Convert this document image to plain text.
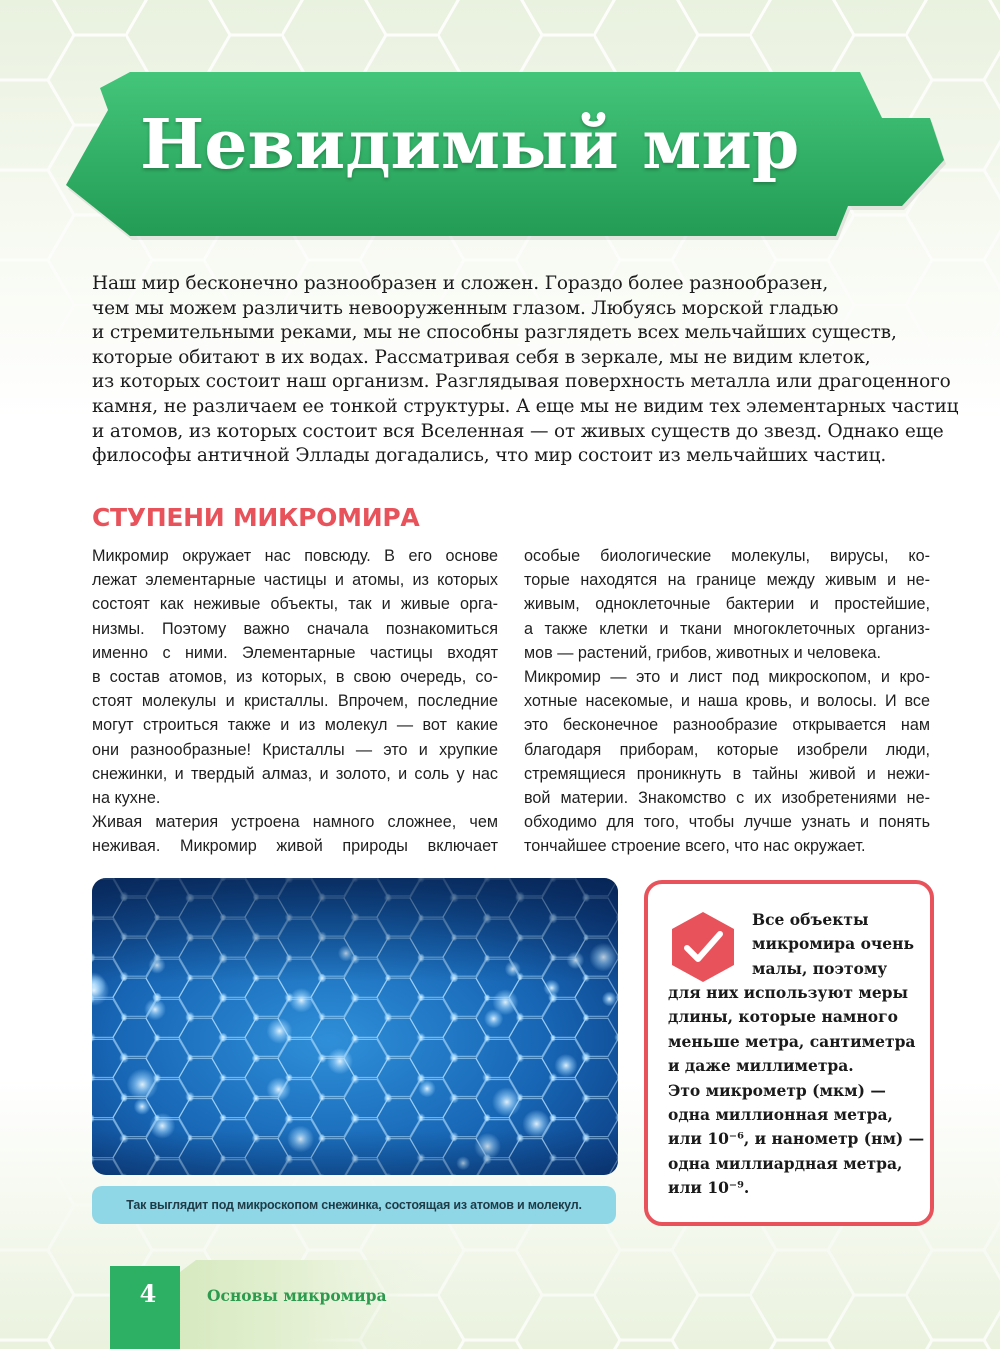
Невидимый мир
Наш мир бесконечно разнообразен и сложен. Гораздо более разнообразен,
чем мы можем различить невооруженным глазом. Любуясь морской гладью
и стремительными реками, мы не способны разглядеть всех мельчайших существ,
которые обитают в их водах. Рассматривая себя в зеркале, мы не видим клеток,
из которых состоит наш организм. Разглядывая поверхность металла или драгоценного
камня, не различаем ее тонкой структуры. А еще мы не видим тех элементарных частиц
и атомов, из которых состоит вся Вселенная — от живых существ до звезд. Однако еще
философы античной Эллады догадались, что мир состоит из мельчайших частиц.
СТУПЕНИ МИКРОМИРА
Микромир окружает нас повсюду. В его основе
лежат элементарные частицы и атомы, из которых
состоят как неживые объекты, так и живые орга-
низмы. Поэтому важно сначала познакомиться
именно с ними. Элементарные частицы входят
в состав атомов, из которых, в свою очередь, со-
стоят молекулы и кристаллы. Впрочем, последние
могут строиться также и из молекул — вот какие
они разнообразные! Кристаллы — это и хрупкие
снежинки, и твердый алмаз, и золото, и соль у нас
на кухне.
Живая материя устроена намного сложнее, чем
неживая. Микромир живой природы включает
особые биологические молекулы, вирусы, ко-
торые находятся на границе между живым и не-
живым, одноклеточные бактерии и простейшие,
а также клетки и ткани многоклеточных организ-
мов — растений, грибов, животных и человека.
Микромир — это и лист под микроскопом, и кро-
хотные насекомые, и наша кровь, и волосы. И все
это бесконечное разнообразие открывается нам
благодаря приборам, которые изобрели люди,
стремящиеся проникнуть в тайны живой и нежи-
вой материи. Знакомство с их изобретениями не-
обходимо для того, чтобы лучше узнать и понять
тончайшее строение всего, что нас окружает.
Так выглядит под микроскопом снежинка, состоящая из атомов и молекул.
Все объекты
микромира очень
малы, поэтому
для них используют меры
длины, которые намного
меньше метра, сантиметра
и даже миллиметра.
Это микрометр (мкм) —
одна миллионная метра,
или 10⁻⁶, и нанометр (нм) —
одна миллиардная метра,
или 10⁻⁹.
4	Основы микромира
